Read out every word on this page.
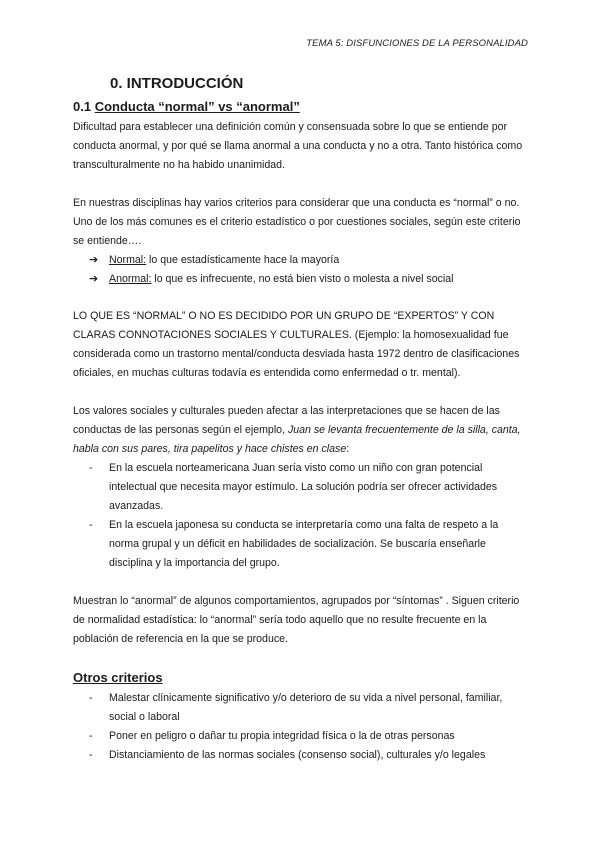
TEMA 5: DISFUNCIONES DE LA PERSONALIDAD
0. INTRODUCCIÓN
0.1 Conducta “normal” vs “anormal”

Dificultad para establecer una definición común y consensuada sobre lo que se entiende por conducta anormal, y por qué se llama anormal a una conducta y no a otra. Tanto histórica como transculturalmente no ha habido unanimidad.

En nuestras disciplinas hay varios criterios para considerar que una conducta es “normal” o no. Uno de los más comunes es el criterio estadístico o por cuestiones sociales, según este criterio se entiende….

➔ Normal: lo que estadísticamente hace la mayoría
➔ Anormal: lo que es infrecuente, no está bien visto o molesta a nivel social

LO QUE ES “NORMAL” O NO ES DECIDIDO POR UN GRUPO DE “EXPERTOS” Y CON CLARAS CONNOTACIONES SOCIALES Y CULTURALES. (Ejemplo: la homosexualidad fue considerada como un trastorno mental/conducta desviada hasta 1972 dentro de clasificaciones oficiales, en muchas culturas todavía es entendida como enfermedad o tr. mental).

Los valores sociales y culturales pueden afectar a las interpretaciones que se hacen de las conductas de las personas según el ejemplo, Juan se levanta frecuentemente de la silla, canta, habla con sus pares, tira papelitos y hace chistes en clase:

- En la escuela norteamericana Juan sería visto como un niño con gran potencial intelectual que necesita mayor estímulo. La solución podría ser ofrecer actividades avanzadas.
- En la escuela japonesa su conducta se interpretaría como una falta de respeto a la norma grupal y un déficit en habilidades de socialización. Se buscaría enseñarle disciplina y la importancia del grupo.

Muestran lo “anormal” de algunos comportamientos, agrupados por “síntomas” . Siguen criterio de normalidad estadística: lo “anormal” sería todo aquello que no resulte frecuente en la población de referencia en la que se produce.

Otros criterios
- Malestar clínicamente significativo y/o deterioro de su vida a nivel personal, familiar, social o laboral
- Poner en peligro o dañar tu propia integridad física o la de otras personas
- Distanciamiento de las normas sociales (consenso social), culturales y/o legales
